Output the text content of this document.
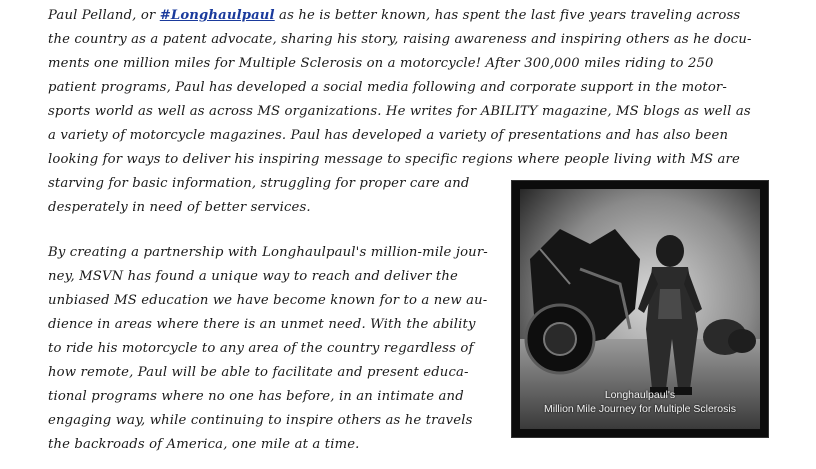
Paul Pelland, or #Longhaulpaul as he is better known, has spent the last five years traveling across
the country as a patent advocate, sharing his story, raising awareness and inspiring others as he docu-
ments one million miles for Multiple Sclerosis on a motorcycle! After 300,000 miles riding to 250
patient programs, Paul has developed a social media following and corporate support in the motor-
sports world as well as across MS organizations. He writes for ABILITY magazine, MS blogs as well as
a variety of motorcycle magazines. Paul has developed a variety of presentations and has also been
looking for ways to deliver his inspiring message to specific regions where people living with MS are
starving for basic information, struggling for proper care and
desperately in need of better services.

By creating a partnership with Longhaulpaul's million-mile jour-
ney, MSVN has found a unique way to reach and deliver the
unbiased MS education we have become known for to a new au-
dience in areas where there is an unmet need. With the ability
to ride his motorcycle to any area of the country regardless of
how remote, Paul will be able to facilitate and present educa-
tional programs where no one has before, in an intimate and
engaging way, while continuing to inspire others as he travels
the backroads of America, one mile at a time.

Longhaulpaul's
Million Mile Journey for Multiple Sclerosis
